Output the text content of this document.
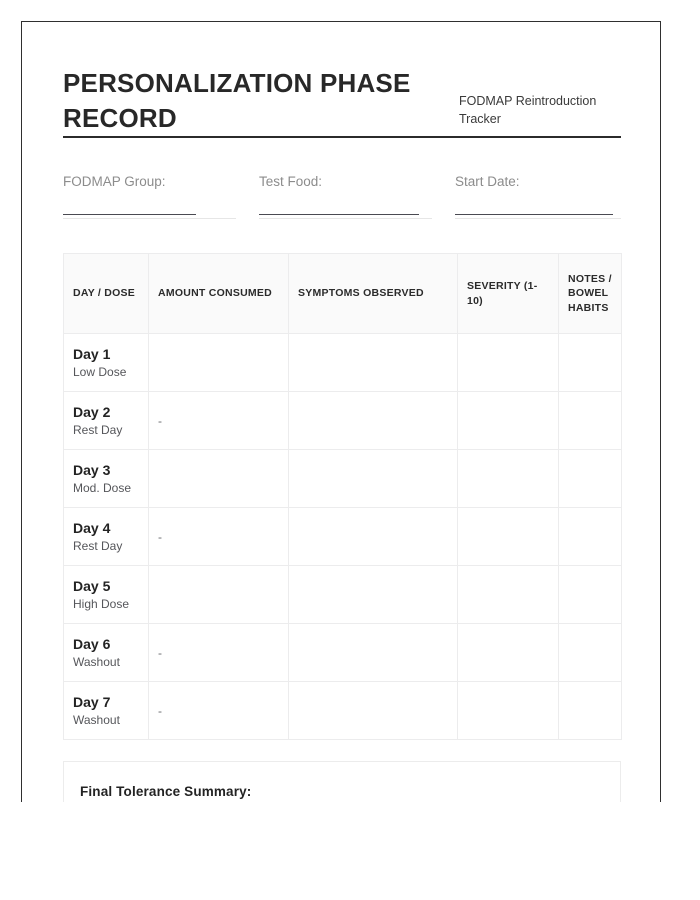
PERSONALIZATION PHASE RECORD
FODMAP Reintroduction Tracker
FODMAP Group:	Test Food:	Start Date:
DAY / DOSE	AMOUNT CONSUMED	SYMPTOMS OBSERVED	SEVERITY (1-10)	NOTES / BOWEL HABITS

Day 1
Low Dose				

Day 2
Rest Day	-			

Day 3
Mod. Dose				

Day 4
Rest Day	-			

Day 5
High Dose				

Day 6
Washout	-			

Day 7
Washout	-			

Final Tolerance Summary:
